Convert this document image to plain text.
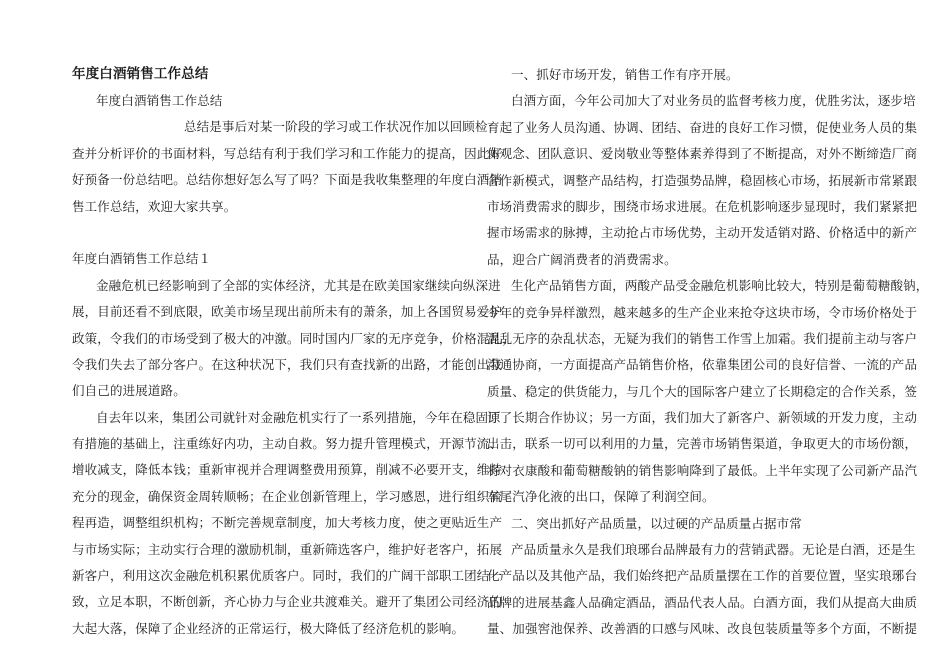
年度白酒销售工作总结
年度白酒销售工作总结
总结是事后对某一阶段的学习或工作状况作加以回顾检
查并分析评价的书面材料，写总结有利于我们学习和工作能力的提高，因此好
好预备一份总结吧。总结你想好怎么写了吗？下面是我收集整理的年度白酒销
售工作总结，欢迎大家共享。
年度白酒销售工作总结１
金融危机已经影响到了全部的实体经济，尤其是在欧美国家继续向纵深进
展，目前还看不到底限，欧美市场呈现出前所未有的萧条，加上各国贸易爱护
政策，令我们的市场受到了极大的冲激。同时国内厂家的无序竞争，价格混乱，
令我们失去了部分客户。在这种状况下，我们只有查找新的出路，才能创出我
们自己的进展道路。
自去年以来，集团公司就针对金融危机实行了一系列措施，今年在稳固原
有措施的基础上，注重练好内功，主动自救。努力提升管理模式，开源节流、
增收减支，降低本钱；重新审视并合理调整费用预算，削减不必要开支，维持
充分的现金，确保资金周转顺畅；在企业创新管理上，学习感恩，进行组织流
程再造，调整组织机构；不断完善规章制度，加大考核力度，使之更贴近生产
与市场实际；主动实行合理的激励机制，重新筛选客户，维护好老客户，拓展
新客户，利用这次金融危机积累优质客户。同时，我们的广阔干部职工团结一
致，立足本职，不断创新，齐心协力与企业共渡难关。避开了集团公司经济的
大起大落，保障了企业经济的正常运行，极大降低了经济危机的影响。
一、抓好市场开发，销售工作有序开展。
白酒方面，今年公司加大了对业务员的监督考核力度，优胜劣汰，逐步培
育起了业务人员沟通、协调、团结、奋进的良好工作习惯，促使业务人员的集
体观念、团队意识、爱岗敬业等整体素养得到了不断提高，对外不断缔造厂商
合作新模式，调整产品结构，打造强势品牌，稳固核心市场，拓展新市常紧跟
市场消费需求的脚步，围绕市场求进展。在危机影响逐步显现时，我们紧紧把
握市场需求的脉搏，主动抢占市场优势，主动开发适销对路、价格适中的新产
品，迎合广阔消费者的消费需求。
生化产品销售方面，两酸产品受金融危机影响比较大，特别是葡萄糖酸钠，
今年的竞争异样激烈，越来越多的生产企业来抢夺这块市场，令市场价格处于
混乱无序的杂乱状态，无疑为我们的销售工作雪上加霜。我们提前主动与客户
沟通协商，一方面提高产品销售价格，依靠集团公司的良好信誉、一流的产品
质量、稳定的供货能力，与几个大的国际客户建立了长期稳定的合作关系，签
订了长期合作协议；另一方面，我们加大了新客户、新领域的开发力度，主动
出击，联系一切可以利用的力量，完善市场销售渠道，争取更大的市场份额，
将对衣康酸和葡萄糖酸钠的销售影响降到了最低。上半年实现了公司新产品汽
车尾汽净化液的出口，保障了利润空间。
二、突出抓好产品质量，以过硬的产品质量占据市常
产品质量永久是我们琅琊台品牌最有力的营销武器。无论是白酒，还是生
化产品以及其他产品，我们始终把产品质量摆在工作的首要位置，坚实琅琊台
品牌的进展基鑫人品确定酒品，酒品代表人品。白酒方面，我们从提高大曲质
量、加强窖池保养、改善酒的口感与风味、改良包装质量等多个方面，不断提
